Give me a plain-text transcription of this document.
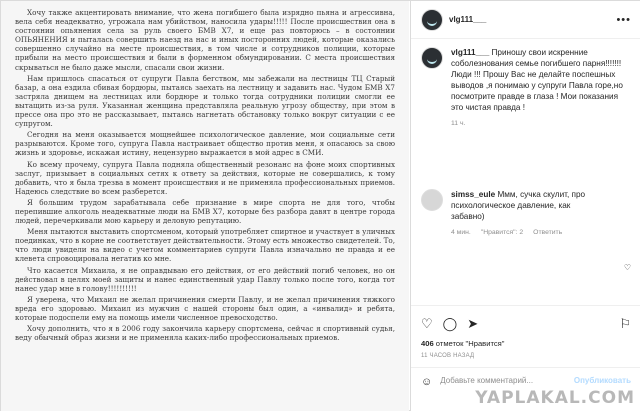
Хочу также акцентировать внимание, что жена погибшего была изрядно пьяна и агрессивна, вела себя неадекватно, угрожала нам убийством, наносила удары!!!!! После происшествия она в состоянии опьянения села за руль своего БМВ Х7, и еще раз повторюсь – в состоянии ОПЬЯНЕНИЯ и пыталась совершить наезд на нас и иных посторонних людей, которые оказались совершенно случайно на месте происшествия, в том числе и сотрудников полиции, которые прибыли на место происшествия и были в форменном обмундировании. С места происшествия скрываться не было даже мысли, спасали свои жизни.

Нам пришлось спасаться от супруги Павла бегством, мы забежали на лестницы ТЦ Старый базар, а она ездила сбивая бордюры, пытаясь заехать на лестницу и задавить нас. Чудом БМВ Х7 застряла днищем на лестницах или бордюре и только тогда сотрудники полиции смогли ее вытащить из-за руля. Указанная женщина представляла реальную угрозу обществу, при этом в прессе она про это не рассказывает, пытаясь нагнетать обстановку только вокруг ситуации с ее супругом.

Сегодня на меня оказывается мощнейшее психологическое давление, мои социальные сети разрываются. Кроме того, супруга Павла настраивает общество против меня, я опасаюсь за свою жизнь и здоровье, искажая истину, нецензурно выражается в мой адрес в СМИ.

Ко всему прочему, супруга Павла подняла общественный резонанс на фоне моих спортивных заслуг, призывает в социальных сетях к ответу за действия, которые не совершались, к тому добавить, что я была трезва в момент происшествия и не применяла профессиональных приемов. Надеюсь следствие во всем разберется.

Я большим трудом зарабатывала себе признание в мире спорта не для того, чтобы перепившие алкоголь неадекватные люди на БМВ Х7, которые без разбора давят в центре города людей, перечеркивали мою карьеру и деловую репутацию.

Меня пытаются выставить спортсменом, который употребляет спиртное и участвует в уличных поединках, что в корне не соответствует действительности. Этому есть множество свидетелей. То, что люди увидели на видео с учетом комментариев супруги Павла изначально не правда и ее клевета спровоцировала негатив ко мне.

Что касается Михаила, я не оправдываю его действия, от его действий погиб человек, но он действовал в целях моей защиты и нанес единственный удар Павлу только после того, когда тот нанес удар мне в голову!!!!!!!!!!

Я уверена, что Михаил не желал причинения смерти Павлу, и не желал причинения тяжкого вреда его здоровью. Михаил из мужчин с нашей стороны был один, а «инвалид» и ребята, которые подоспели ему на помощь имели численное превосходство.

Хочу дополнить, что я в 2006 году закончила карьеру спортсмена, сейчас я спортивный судья, веду обычный образ жизни и не применяла каких-либо профессиональных приемов.

vlg111___	•••
vlg111___ Приношу свои искренние соболезнования семье погибшего парня!!!!!!! Люди !!! Прошу Вас не делайте поспешных выводов ,я понимаю у супруги Павла горе,но посмотрите правде в глаза ! Мои показания это чистая правда !
11 ч.
simss_eule Ммм, сучка скулит, про психологическое давление, как забавно)
4 мин. "Нравится": 2 Ответить
♡
♡ ◯ ➤	⚐
406 отметок "Нравится"
11 ЧАСОВ НАЗАД
☺ Добавьте комментарий...	Опубликовать
YAPLAKAL.COM
